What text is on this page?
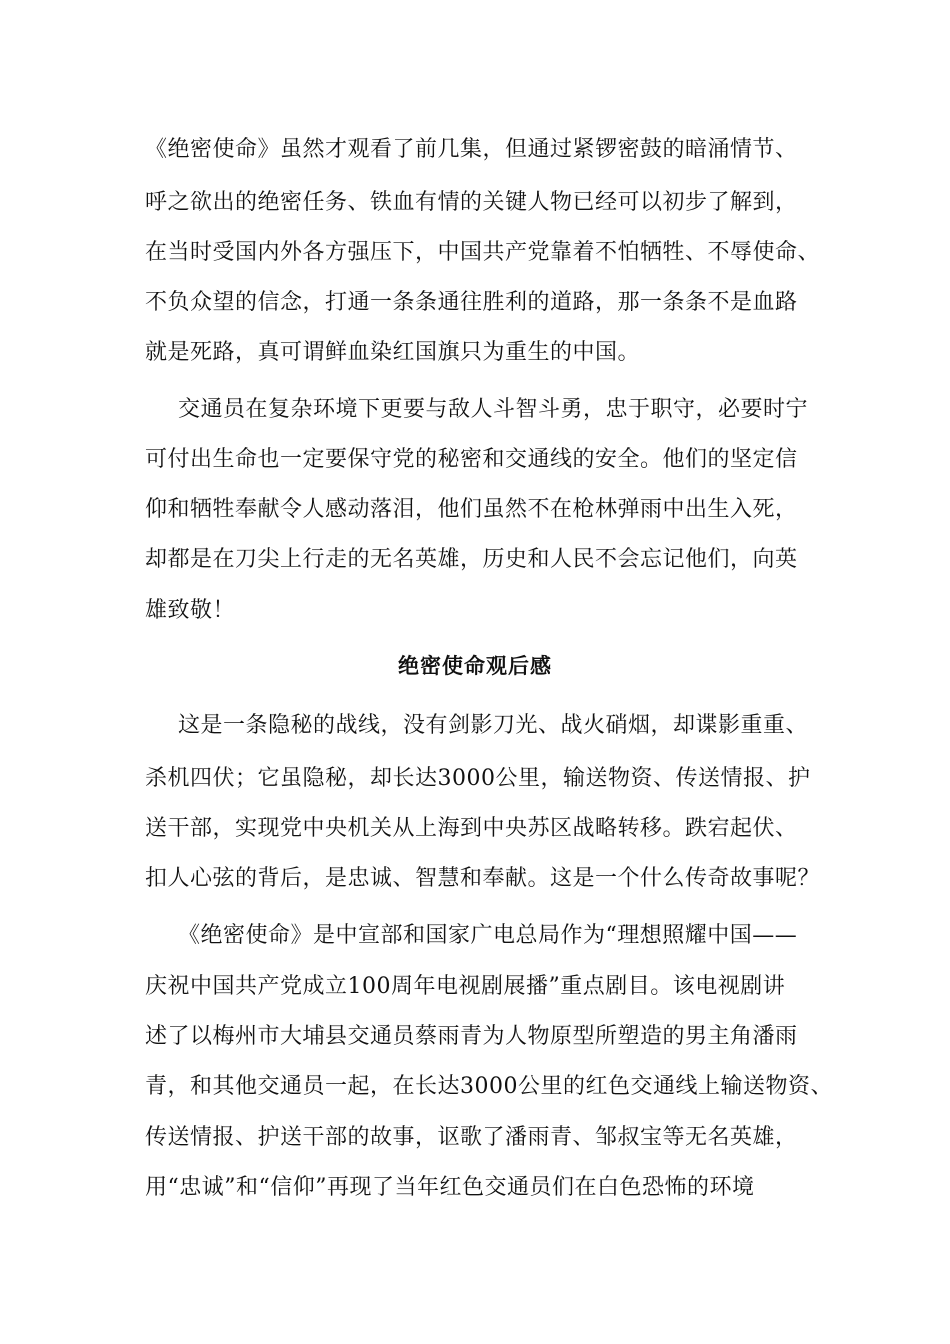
《绝密使命》虽然才观看了前几集，但通过紧锣密鼓的暗涌情节、
呼之欲出的绝密任务、铁血有情的关键人物已经可以初步了解到，
在当时受国内外各方强压下，中国共产党靠着不怕牺牲、不辱使命、
不负众望的信念，打通一条条通往胜利的道路，那一条条不是血路
就是死路，真可谓鲜血染红国旗只为重生的中国。
交通员在复杂环境下更要与敌人斗智斗勇，忠于职守，必要时宁
可付出生命也一定要保守党的秘密和交通线的安全。他们的坚定信
仰和牺牲奉献令人感动落泪，他们虽然不在枪林弹雨中出生入死，
却都是在刀尖上行走的无名英雄，历史和人民不会忘记他们，向英
雄致敬！
绝密使命观后感
这是一条隐秘的战线，没有剑影刀光、战火硝烟，却谍影重重、
杀机四伏；它虽隐秘，却长达3000公里，输送物资、传送情报、护
送干部，实现党中央机关从上海到中央苏区战略转移。跌宕起伏、
扣人心弦的背后，是忠诚、智慧和奉献。这是一个什么传奇故事呢？
《绝密使命》是中宣部和国家广电总局作为“理想照耀中国——
庆祝中国共产党成立100周年电视剧展播”重点剧目。该电视剧讲
述了以梅州市大埔县交通员蔡雨青为人物原型所塑造的男主角潘雨
青，和其他交通员一起，在长达3000公里的红色交通线上输送物资、
传送情报、护送干部的故事，讴歌了潘雨青、邹叔宝等无名英雄，
用“忠诚”和“信仰”再现了当年红色交通员们在白色恐怖的环境
